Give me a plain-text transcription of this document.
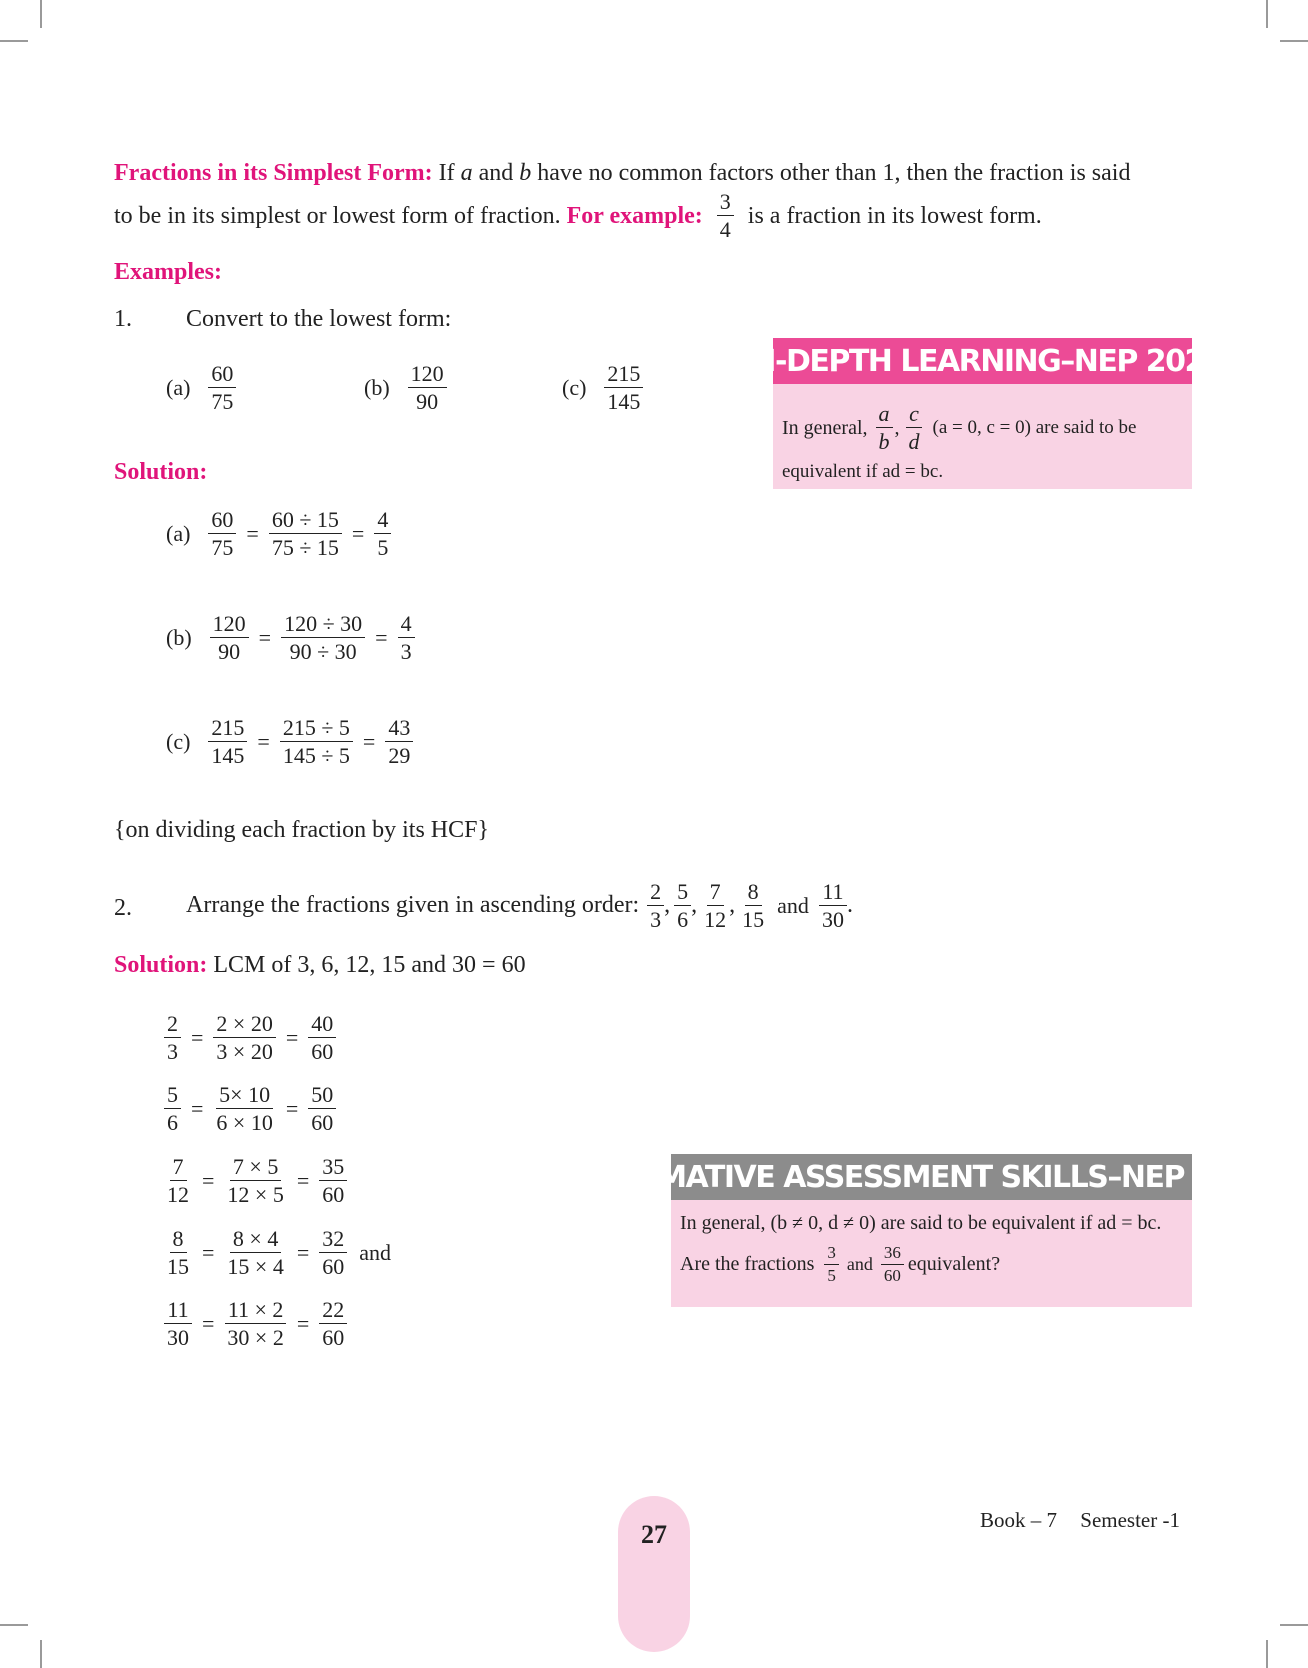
Fractions in its Simplest Form: If a and b have no common factors other than 1, then the fraction is said
to be in its simplest or lowest form of fraction. For example: $\frac{3}{4}$ is a fraction in its lowest form.
Examples:
1. Convert to the lowest form:
$(a) \frac{60}{75}$	$(b) \frac{120}{90}$	$(c) \frac{215}{145}$
Solution:
$(a) \frac{60}{75} = \frac{60 \div 15}{75 \div 15} = \frac{4}{5}$
$(b) \frac{120}{90} = \frac{120 \div 30}{90 \div 30} = \frac{4}{3}$
$(c) \frac{215}{145} = \frac{215 \div 5}{145 \div 5} = \frac{43}{29}$
{on dividing each fraction by its HCF}
2. Arrange the fractions given in ascending order: $\frac{2}{3}$ , $\frac{5}{6}$ , $\frac{7}{12}$ , $\frac{8}{15}$ and $\frac{11}{30}$ .
Solution: LCM of 3, 6, 12, 15 and 30 = 60
$\frac{2}{3} = \frac{2 \times 20}{3 \times 20} = \frac{40}{60}$
$\frac{5}{6} = \frac{5\times 10}{6 \times 10} = \frac{50}{60}$
$\frac{7}{12} = \frac{7 \times 5}{12 \times 5} = \frac{35}{60}$
$\frac{8}{15} = \frac{8 \times 4}{15 \times 4} = \frac{32}{60}$ and
$\frac{11}{30} = \frac{11 \times 2}{30 \times 2} = \frac{22}{60}$
IN-DEPTH LEARNING–NEP 2020
In general, $\frac{a}{b}$ , $\frac{c}{d} (a = 0$, c = 0) are said to be
equivalent if ad = bc.
FORMATIVE ASSESSMENT SKILLS–NEP 2020
In general, (b ≠ 0, d ≠ 0) are said to be equivalent if ad = bc.
Are the fractions $\frac{3}{5}$ and $\frac{36}{60}$ equivalent?
27	Book – 7 Semester -1
